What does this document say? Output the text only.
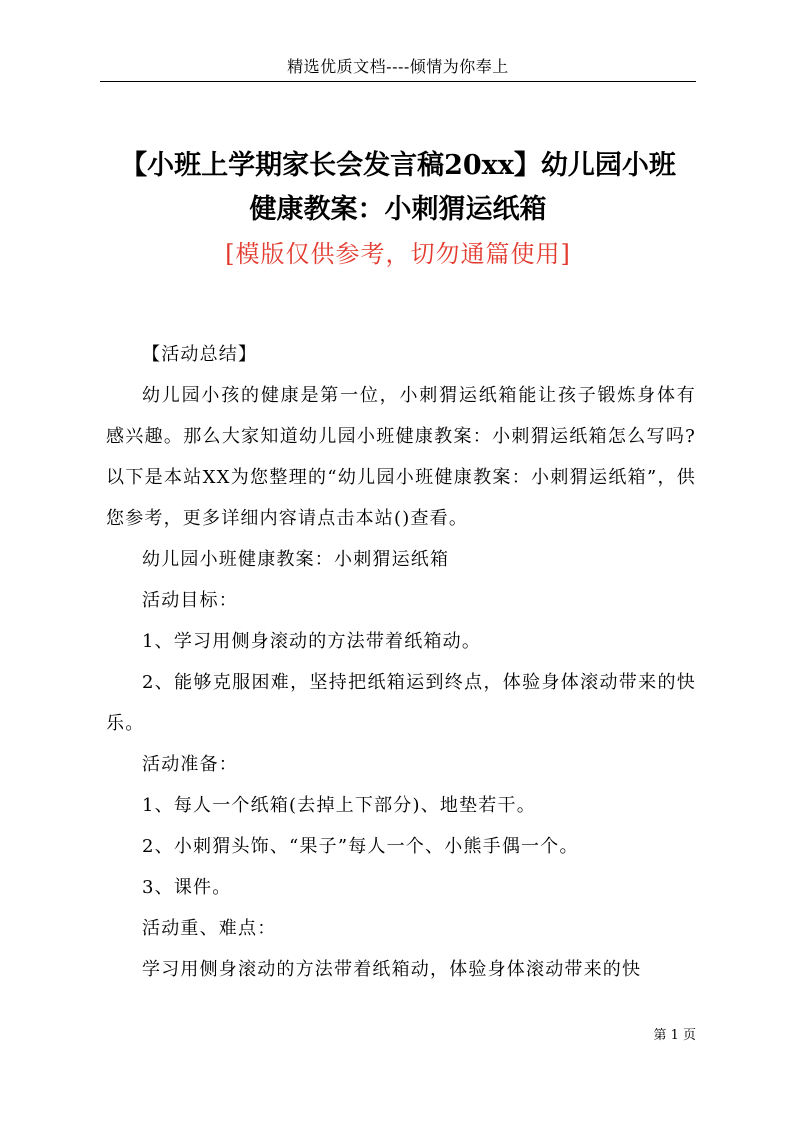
精选优质文档----倾情为你奉上
【小班上学期家长会发言稿20xx】幼儿园小班
健康教案：小刺猬运纸箱
[模版仅供参考，切勿通篇使用]

【活动总结】

幼儿园小孩的健康是第一位，小刺猬运纸箱能让孩子锻炼身体有感兴趣。那么大家知道幼儿园小班健康教案：小刺猬运纸箱怎么写吗?以下是本站XX为您整理的“幼儿园小班健康教案：小刺猬运纸箱”，供您参考，更多详细内容请点击本站()查看。

幼儿园小班健康教案：小刺猬运纸箱

活动目标：

1、学习用侧身滚动的方法带着纸箱动。

2、能够克服困难，坚持把纸箱运到终点，体验身体滚动带来的快乐。

活动准备：

1、每人一个纸箱(去掉上下部分)、地垫若干。

2、小刺猬头饰、“果子”每人一个、小熊手偶一个。

3、课件。

活动重、难点：

学习用侧身滚动的方法带着纸箱动，体验身体滚动带来的快

第 1 页
